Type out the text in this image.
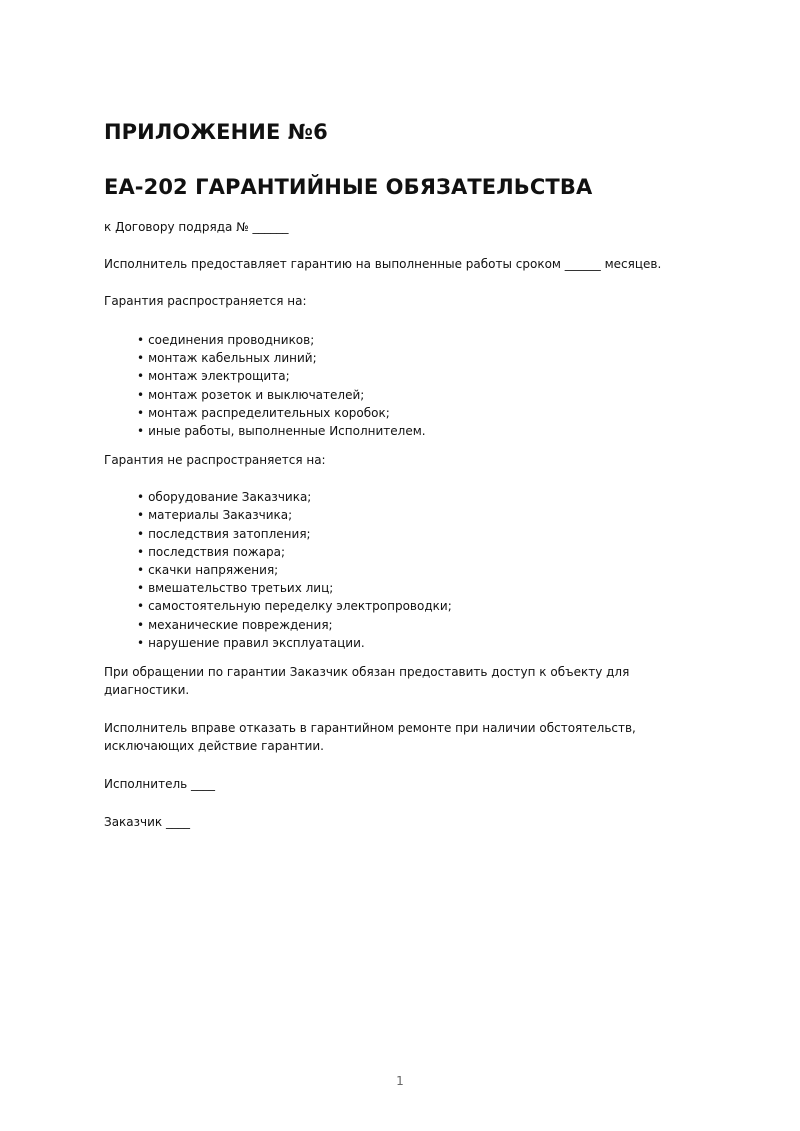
ПРИЛОЖЕНИЕ №6
EA-202 ГАРАНТИЙНЫЕ ОБЯЗАТЕЛЬСТВА

к Договору подряда № ______

Исполнитель предоставляет гарантию на выполненные работы сроком ______ месяцев.

Гарантия распространяется на:

• соединения проводников;
• монтаж кабельных линий;
• монтаж электрощита;
• монтаж розеток и выключателей;
• монтаж распределительных коробок;
• иные работы, выполненные Исполнителем.

Гарантия не распространяется на:

• оборудование Заказчика;
• материалы Заказчика;
• последствия затопления;
• последствия пожара;
• скачки напряжения;
• вмешательство третьих лиц;
• самостоятельную переделку электропроводки;
• механические повреждения;
• нарушение правил эксплуатации.

При обращении по гарантии Заказчик обязан предоставить доступ к объекту для диагностики.

Исполнитель вправе отказать в гарантийном ремонте при наличии обстоятельств, исключающих действие гарантии.

Исполнитель ____

Заказчик ____

1
